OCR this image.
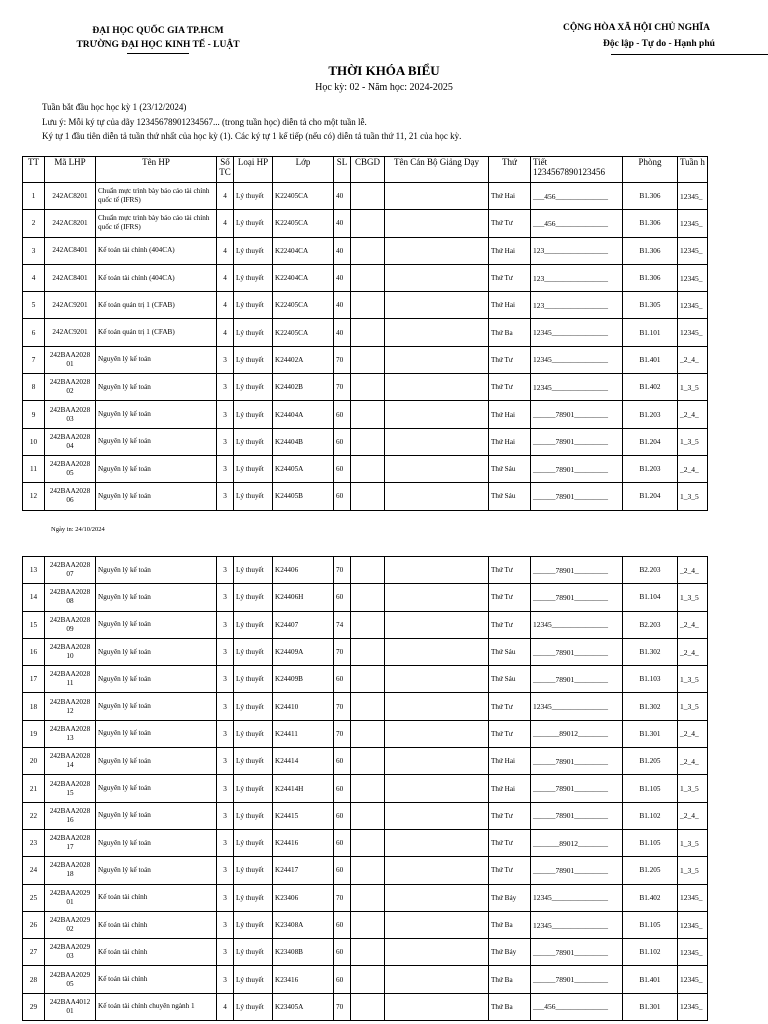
ĐẠI HỌC QUỐC GIA TP.HCM
TRƯỜNG ĐẠI HỌC KINH TẾ - LUẬT
CỘNG HÒA XÃ HỘI CHỦ NGHĨA
Độc lập - Tự do - Hạnh phú
THỜI KHÓA BIỂU
Học kỳ: 02 - Năm học: 2024-2025
Tuần bắt đầu học học kỳ 1 (23/12/2024)
Lưu ý: Mỗi ký tự của dãy 12345678901234567... (trong tuần học) diễn tả cho một tuần lễ.
Ký tự 1 đầu tiên diễn tả tuần thứ nhất của học kỳ (1). Các ký tự 1 kế tiếp (nếu có) diễn tả tuần thứ 11, 21 của học kỳ.
TT	Mã LHP	Tên HP	Số
TC	Loại HP	Lớp	SL	CBGD	Tên Cán Bộ Giảng Dạy	Thứ	Tiết
1234567890123456	Phòng	Tuần h
1	242AC8201	Chuẩn mực trình bày báo cáo tài chính quốc tế (IFRS)	4	Lý thuyết	K22405CA	40			Thứ Hai	___456______________	B1.306	12345_
2	242AC8201	Chuẩn mực trình bày báo cáo tài chính quốc tế (IFRS)	4	Lý thuyết	K22405CA	40			Thứ Tư	___456______________	B1.306	12345_
3	242AC8401	Kế toán tài chính (404CA)	4	Lý thuyết	K22404CA	40			Thứ Hai	123_________________	B1.306	12345_
4	242AC8401	Kế toán tài chính (404CA)	4	Lý thuyết	K22404CA	40			Thứ Tư	123_________________	B1.306	12345_
5	242AC9201	Kế toán quản trị 1 (CFAB)	4	Lý thuyết	K22405CA	40			Thứ Hai	123_________________	B1.305	12345_
6	242AC9201	Kế toán quản trị 1 (CFAB)	4	Lý thuyết	K22405CA	40			Thứ Ba	12345_______________	B1.101	12345_
7	242BAA2028 01	Nguyên lý kế toán	3	Lý thuyết	K24402A	70			Thứ Tư	12345_______________	B1.401	_2_4_
8	242BAA2028 02	Nguyên lý kế toán	3	Lý thuyết	K24402B	70			Thứ Tư	12345_______________	B1.402	1_3_5
9	242BAA2028 03	Nguyên lý kế toán	3	Lý thuyết	K24404A	60			Thứ Hai	______78901_________	B1.203	_2_4_
10	242BAA2028 04	Nguyên lý kế toán	3	Lý thuyết	K24404B	60			Thứ Hai	______78901_________	B1.204	1_3_5
11	242BAA2028 05	Nguyên lý kế toán	3	Lý thuyết	K24405A	60			Thứ Sáu	______78901_________	B1.203	_2_4_
12	242BAA2028 06	Nguyên lý kế toán	3	Lý thuyết	K24405B	60			Thứ Sáu	______78901_________	B1.204	1_3_5
Ngày in: 24/10/2024
13	242BAA2028 07	Nguyên lý kế toán	3	Lý thuyết	K24406	70			Thứ Tư	______78901_________	B2.203	_2_4_
14	242BAA2028 08	Nguyên lý kế toán	3	Lý thuyết	K24406H	60			Thứ Tư	______78901_________	B1.104	1_3_5
15	242BAA2028 09	Nguyên lý kế toán	3	Lý thuyết	K24407	74			Thứ Tư	12345_______________	B2.203	_2_4_
16	242BAA2028 10	Nguyên lý kế toán	3	Lý thuyết	K24409A	70			Thứ Sáu	______78901_________	B1.302	_2_4_
17	242BAA2028 11	Nguyên lý kế toán	3	Lý thuyết	K24409B	60			Thứ Sáu	______78901_________	B1.103	1_3_5
18	242BAA2028 12	Nguyên lý kế toán	3	Lý thuyết	K24410	70			Thứ Tư	12345_______________	B1.302	1_3_5
19	242BAA2028 13	Nguyên lý kế toán	3	Lý thuyết	K24411	70			Thứ Tư	_______89012________	B1.301	_2_4_
20	242BAA2028 14	Nguyên lý kế toán	3	Lý thuyết	K24414	60			Thứ Hai	______78901_________	B1.205	_2_4_
21	242BAA2028 15	Nguyên lý kế toán	3	Lý thuyết	K24414H	60			Thứ Hai	______78901_________	B1.105	1_3_5
22	242BAA2028 16	Nguyên lý kế toán	3	Lý thuyết	K24415	60			Thứ Tư	______78901_________	B1.102	_2_4_
23	242BAA2028 17	Nguyên lý kế toán	3	Lý thuyết	K24416	60			Thứ Tư	_______89012________	B1.105	1_3_5
24	242BAA2028 18	Nguyên lý kế toán	3	Lý thuyết	K24417	60			Thứ Tư	______78901_________	B1.205	1_3_5
25	242BAA2029 01	Kế toán tài chính	3	Lý thuyết	K23406	70			Thứ Bảy	12345_______________	B1.402	12345_
26	242BAA2029 02	Kế toán tài chính	3	Lý thuyết	K23408A	60			Thứ Ba	12345_______________	B1.105	12345_
27	242BAA2029 03	Kế toán tài chính	3	Lý thuyết	K23408B	60			Thứ Bảy	______78901_________	B1.102	12345_
28	242BAA2029 05	Kế toán tài chính	3	Lý thuyết	K23416	60			Thứ Ba	______78901_________	B1.401	12345_
29	242BAA4012 01	Kế toán tài chính chuyên ngành 1	4	Lý thuyết	K23405A	70			Thứ Ba	___456______________	B1.301	12345_
